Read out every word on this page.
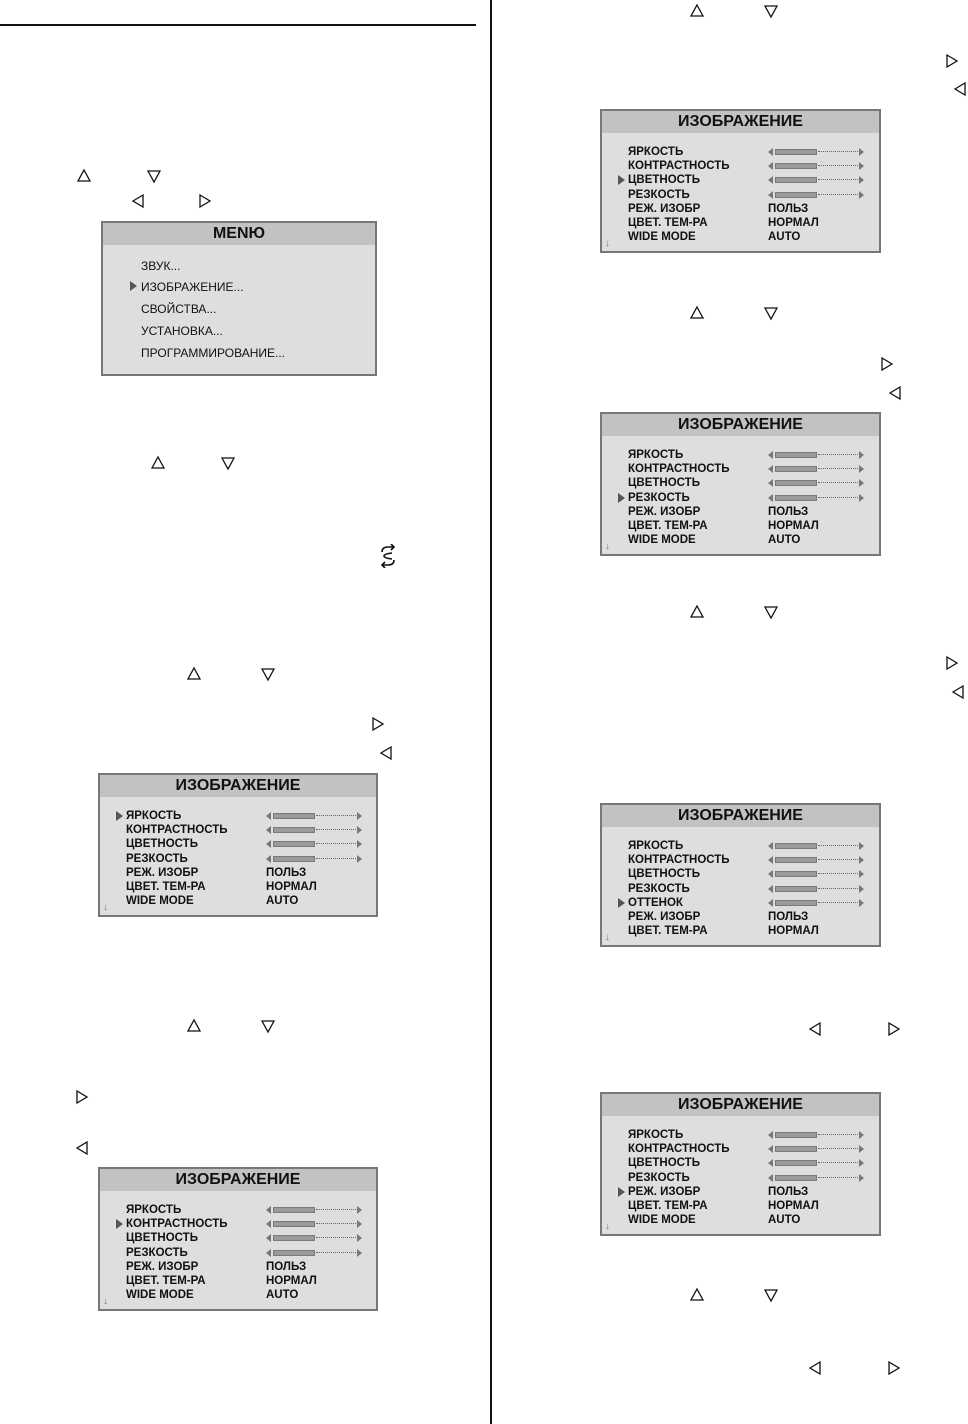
MENЮ
ЗВУК...
ИЗОБРАЖЕНИЕ...
СВОЙСТВА...
УСТАНОВКА...
ПРОГРАММИРОВАНИЕ...
ИЗОБРАЖЕНИЕ
ЯРКОСТЬ
КОНТРАСТНОСТЬ
ЦВЕТНОСТЬ
РЕЗКОСТЬ
РЕЖ. ИЗОБР	ПОЛЬЗ
ЦВЕТ. ТЕМ-РА	НОРМАЛ
WIDE MODE	AUTO
↓
ИЗОБРАЖЕНИЕ
ЯРКОСТЬ
КОНТРАСТНОСТЬ
ЦВЕТНОСТЬ
РЕЗКОСТЬ
РЕЖ. ИЗОБР	ПОЛЬЗ
ЦВЕТ. ТЕМ-РА	НОРМАЛ
WIDE MODE	AUTO
↓
ИЗОБРАЖЕНИЕ
ЯРКОСТЬ
КОНТРАСТНОСТЬ
ЦВЕТНОСТЬ
РЕЗКОСТЬ
РЕЖ. ИЗОБР	ПОЛЬЗ
ЦВЕТ. ТЕМ-РА	НОРМАЛ
WIDE MODE	AUTO
↓
ИЗОБРАЖЕНИЕ
ЯРКОСТЬ
КОНТРАСТНОСТЬ
ЦВЕТНОСТЬ
РЕЗКОСТЬ
РЕЖ. ИЗОБР	ПОЛЬЗ
ЦВЕТ. ТЕМ-РА	НОРМАЛ
WIDE MODE	AUTO
↓
ИЗОБРАЖЕНИЕ
ЯРКОСТЬ
КОНТРАСТНОСТЬ
ЦВЕТНОСТЬ
РЕЗКОСТЬ
ОТТЕНОК
РЕЖ. ИЗОБР	ПОЛЬЗ
ЦВЕТ. ТЕМ-РА	НОРМАЛ
↓
ИЗОБРАЖЕНИЕ
ЯРКОСТЬ
КОНТРАСТНОСТЬ
ЦВЕТНОСТЬ
РЕЗКОСТЬ
РЕЖ. ИЗОБР	ПОЛЬЗ
ЦВЕТ. ТЕМ-РА	НОРМАЛ
WIDE MODE	AUTO
↓
